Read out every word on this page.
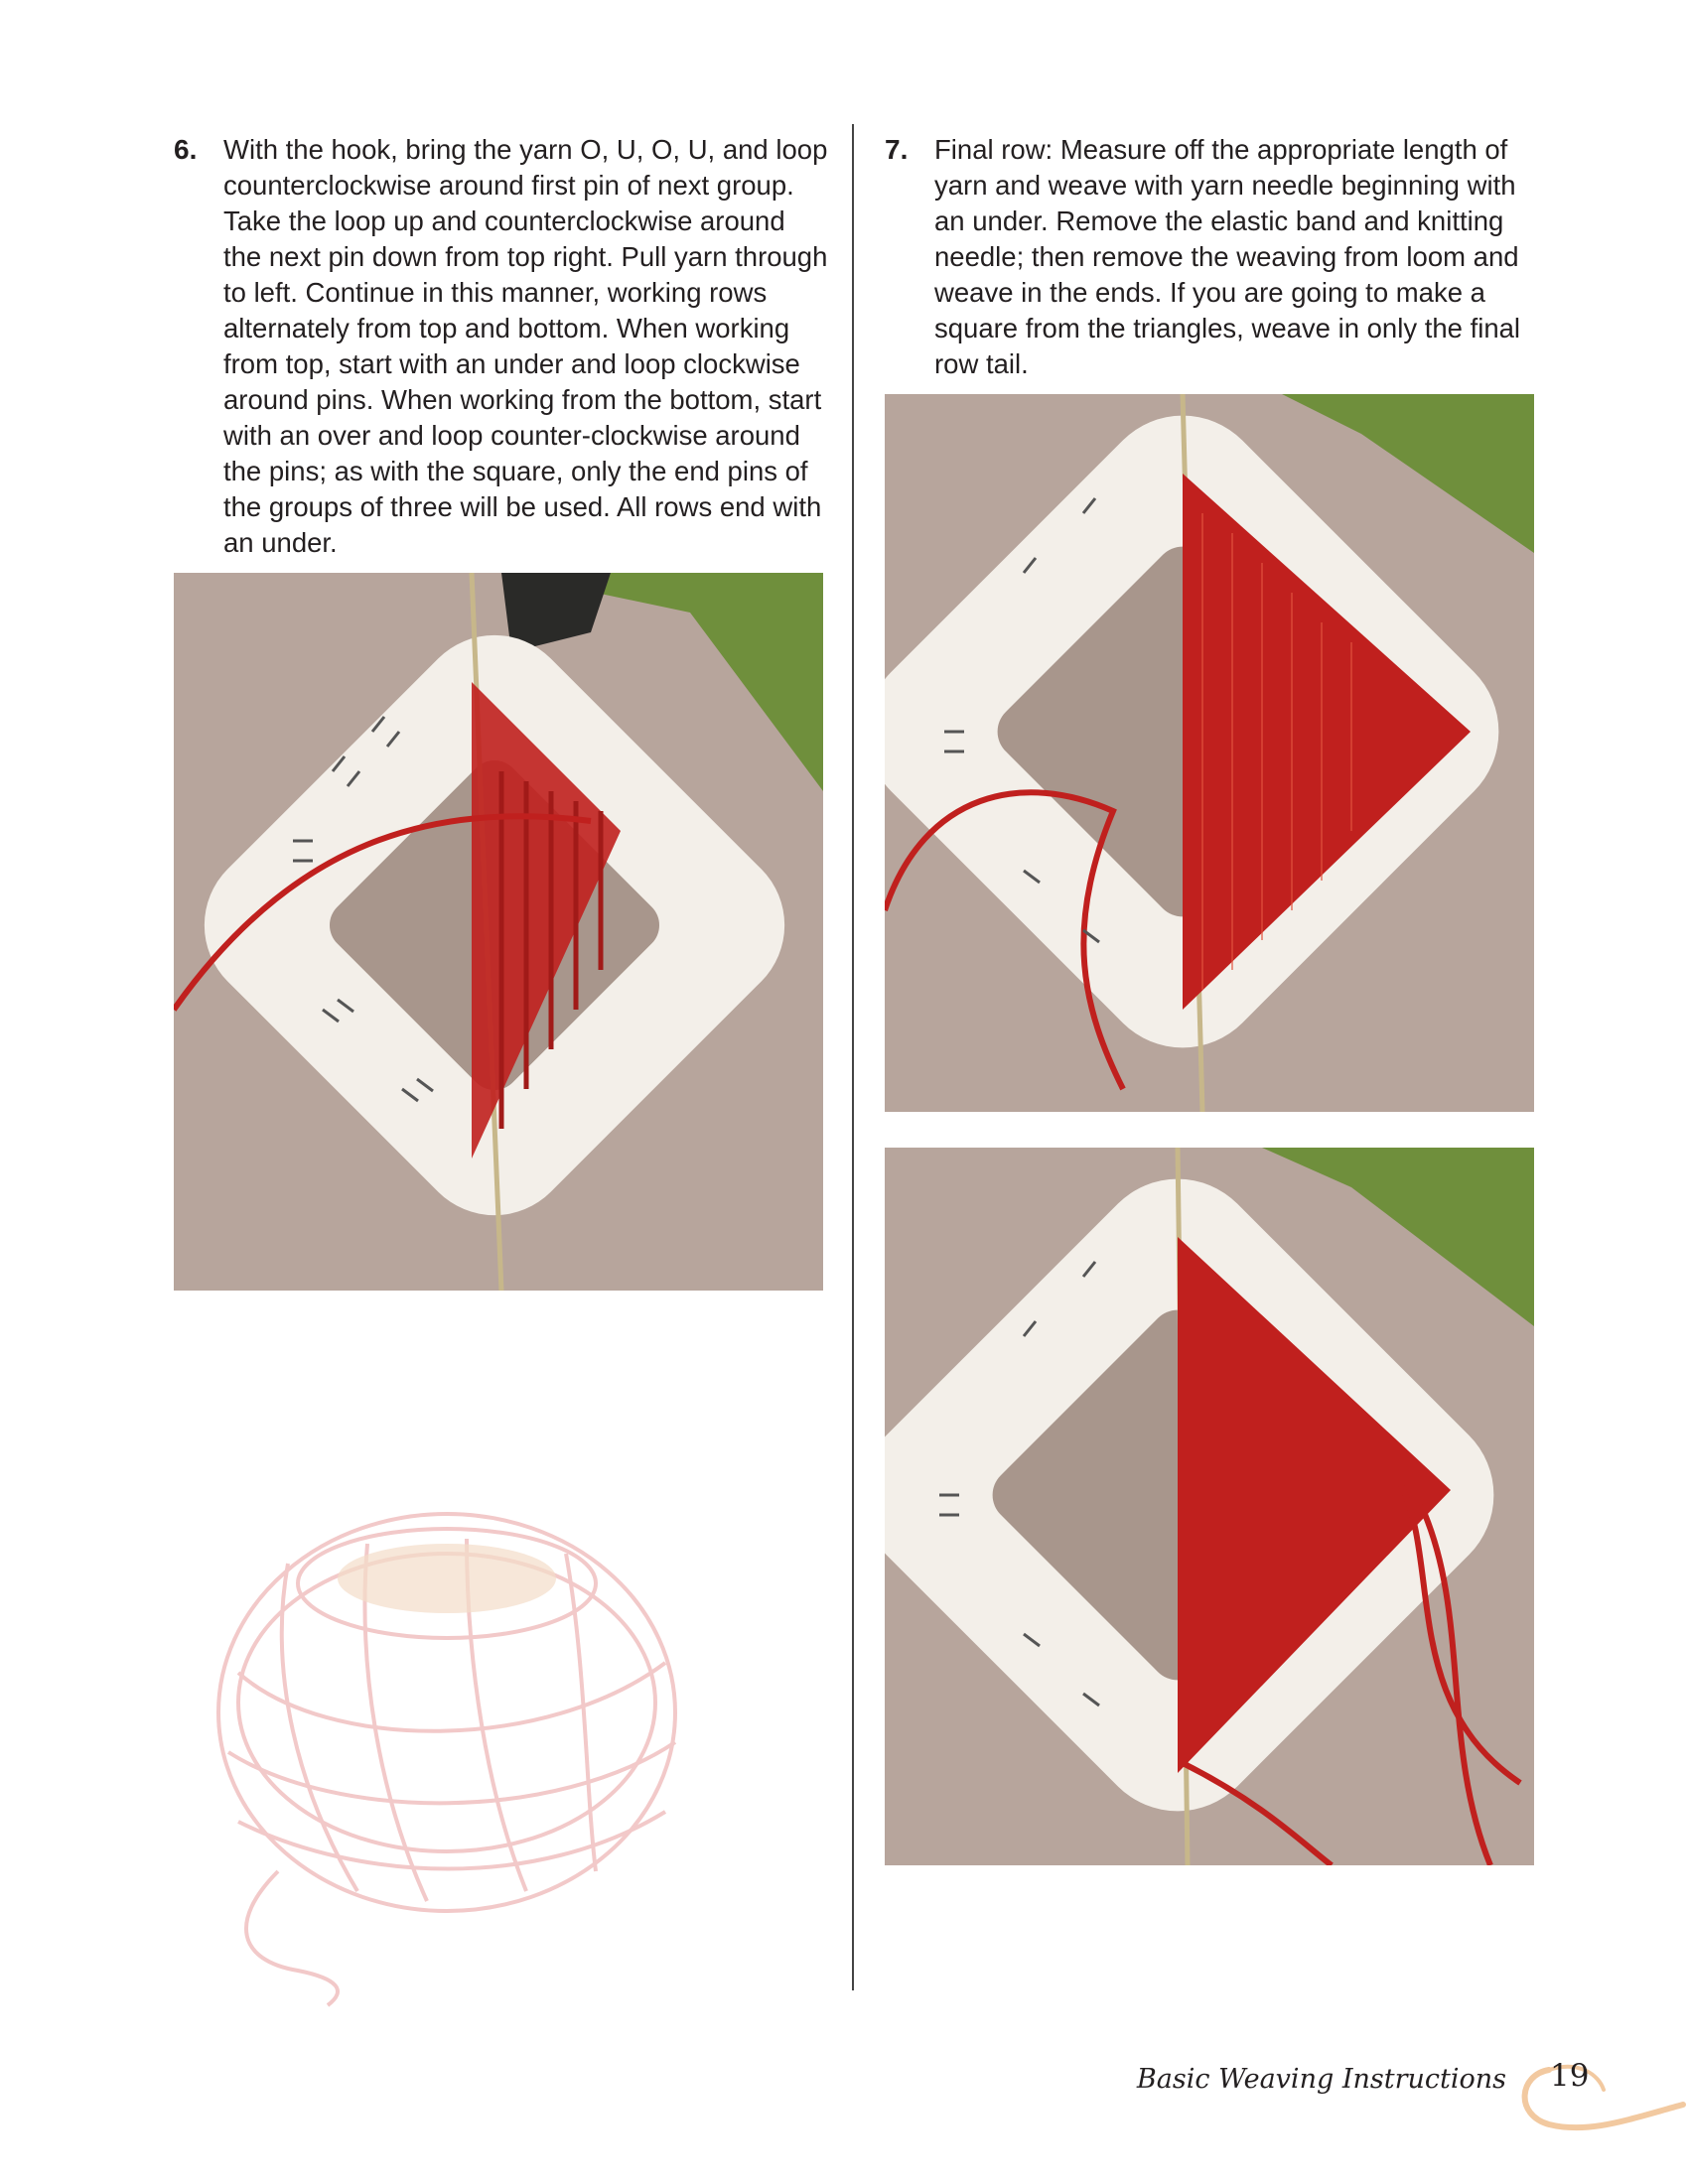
6. With the hook, bring the yarn O, U, O, U, and loop counterclockwise around first pin of next group. Take the loop up and counterclockwise around the next pin down from top right. Pull yarn through to left. Continue in this manner, working rows alternately from top and bottom. When working from top, start with an under and loop clockwise around pins. When working from the bottom, start with an over and loop counter-clockwise around the pins; as with the square, only the end pins of the groups of three will be used. All rows end with an under.
7. Final row: Measure off the appropriate length of yarn and weave with yarn needle beginning with an under. Remove the elastic band and knitting needle; then remove the weaving from loom and weave in the ends. If you are going to make a square from the triangles, weave in only the final row tail.
Basic Weaving Instructions 19
